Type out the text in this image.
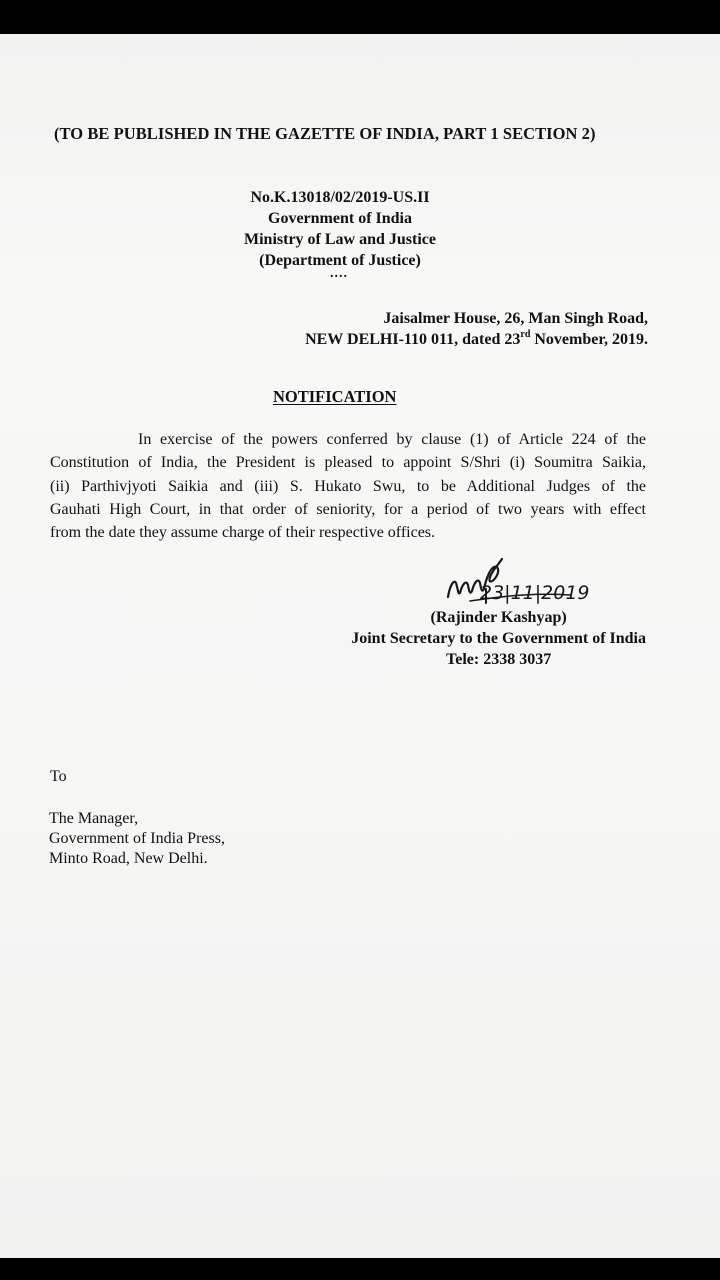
(TO BE PUBLISHED IN THE GAZETTE OF INDIA, PART 1 SECTION 2)
No.K.13018/02/2019-US.II
Government of India
Ministry of Law and Justice
(Department of Justice)
....
Jaisalmer House, 26, Man Singh Road,
NEW DELHI-110 011, dated 23rd November, 2019.
NOTIFICATION
In exercise of the powers conferred by clause (1) of Article 224 of the
Constitution of India, the President is pleased to appoint S/Shri (i) Soumitra Saikia,
(ii) Parthivjyoti Saikia and (iii) S. Hukato Swu, to be Additional Judges of the
Gauhati High Court, in that order of seniority, for a period of two years with effect
from the date they assume charge of their respective offices.
23|11|2019
(Rajinder Kashyap)
Joint Secretary to the Government of India
Tele: 2338 3037
To
The Manager,
Government of India Press,
Minto Road, New Delhi.
